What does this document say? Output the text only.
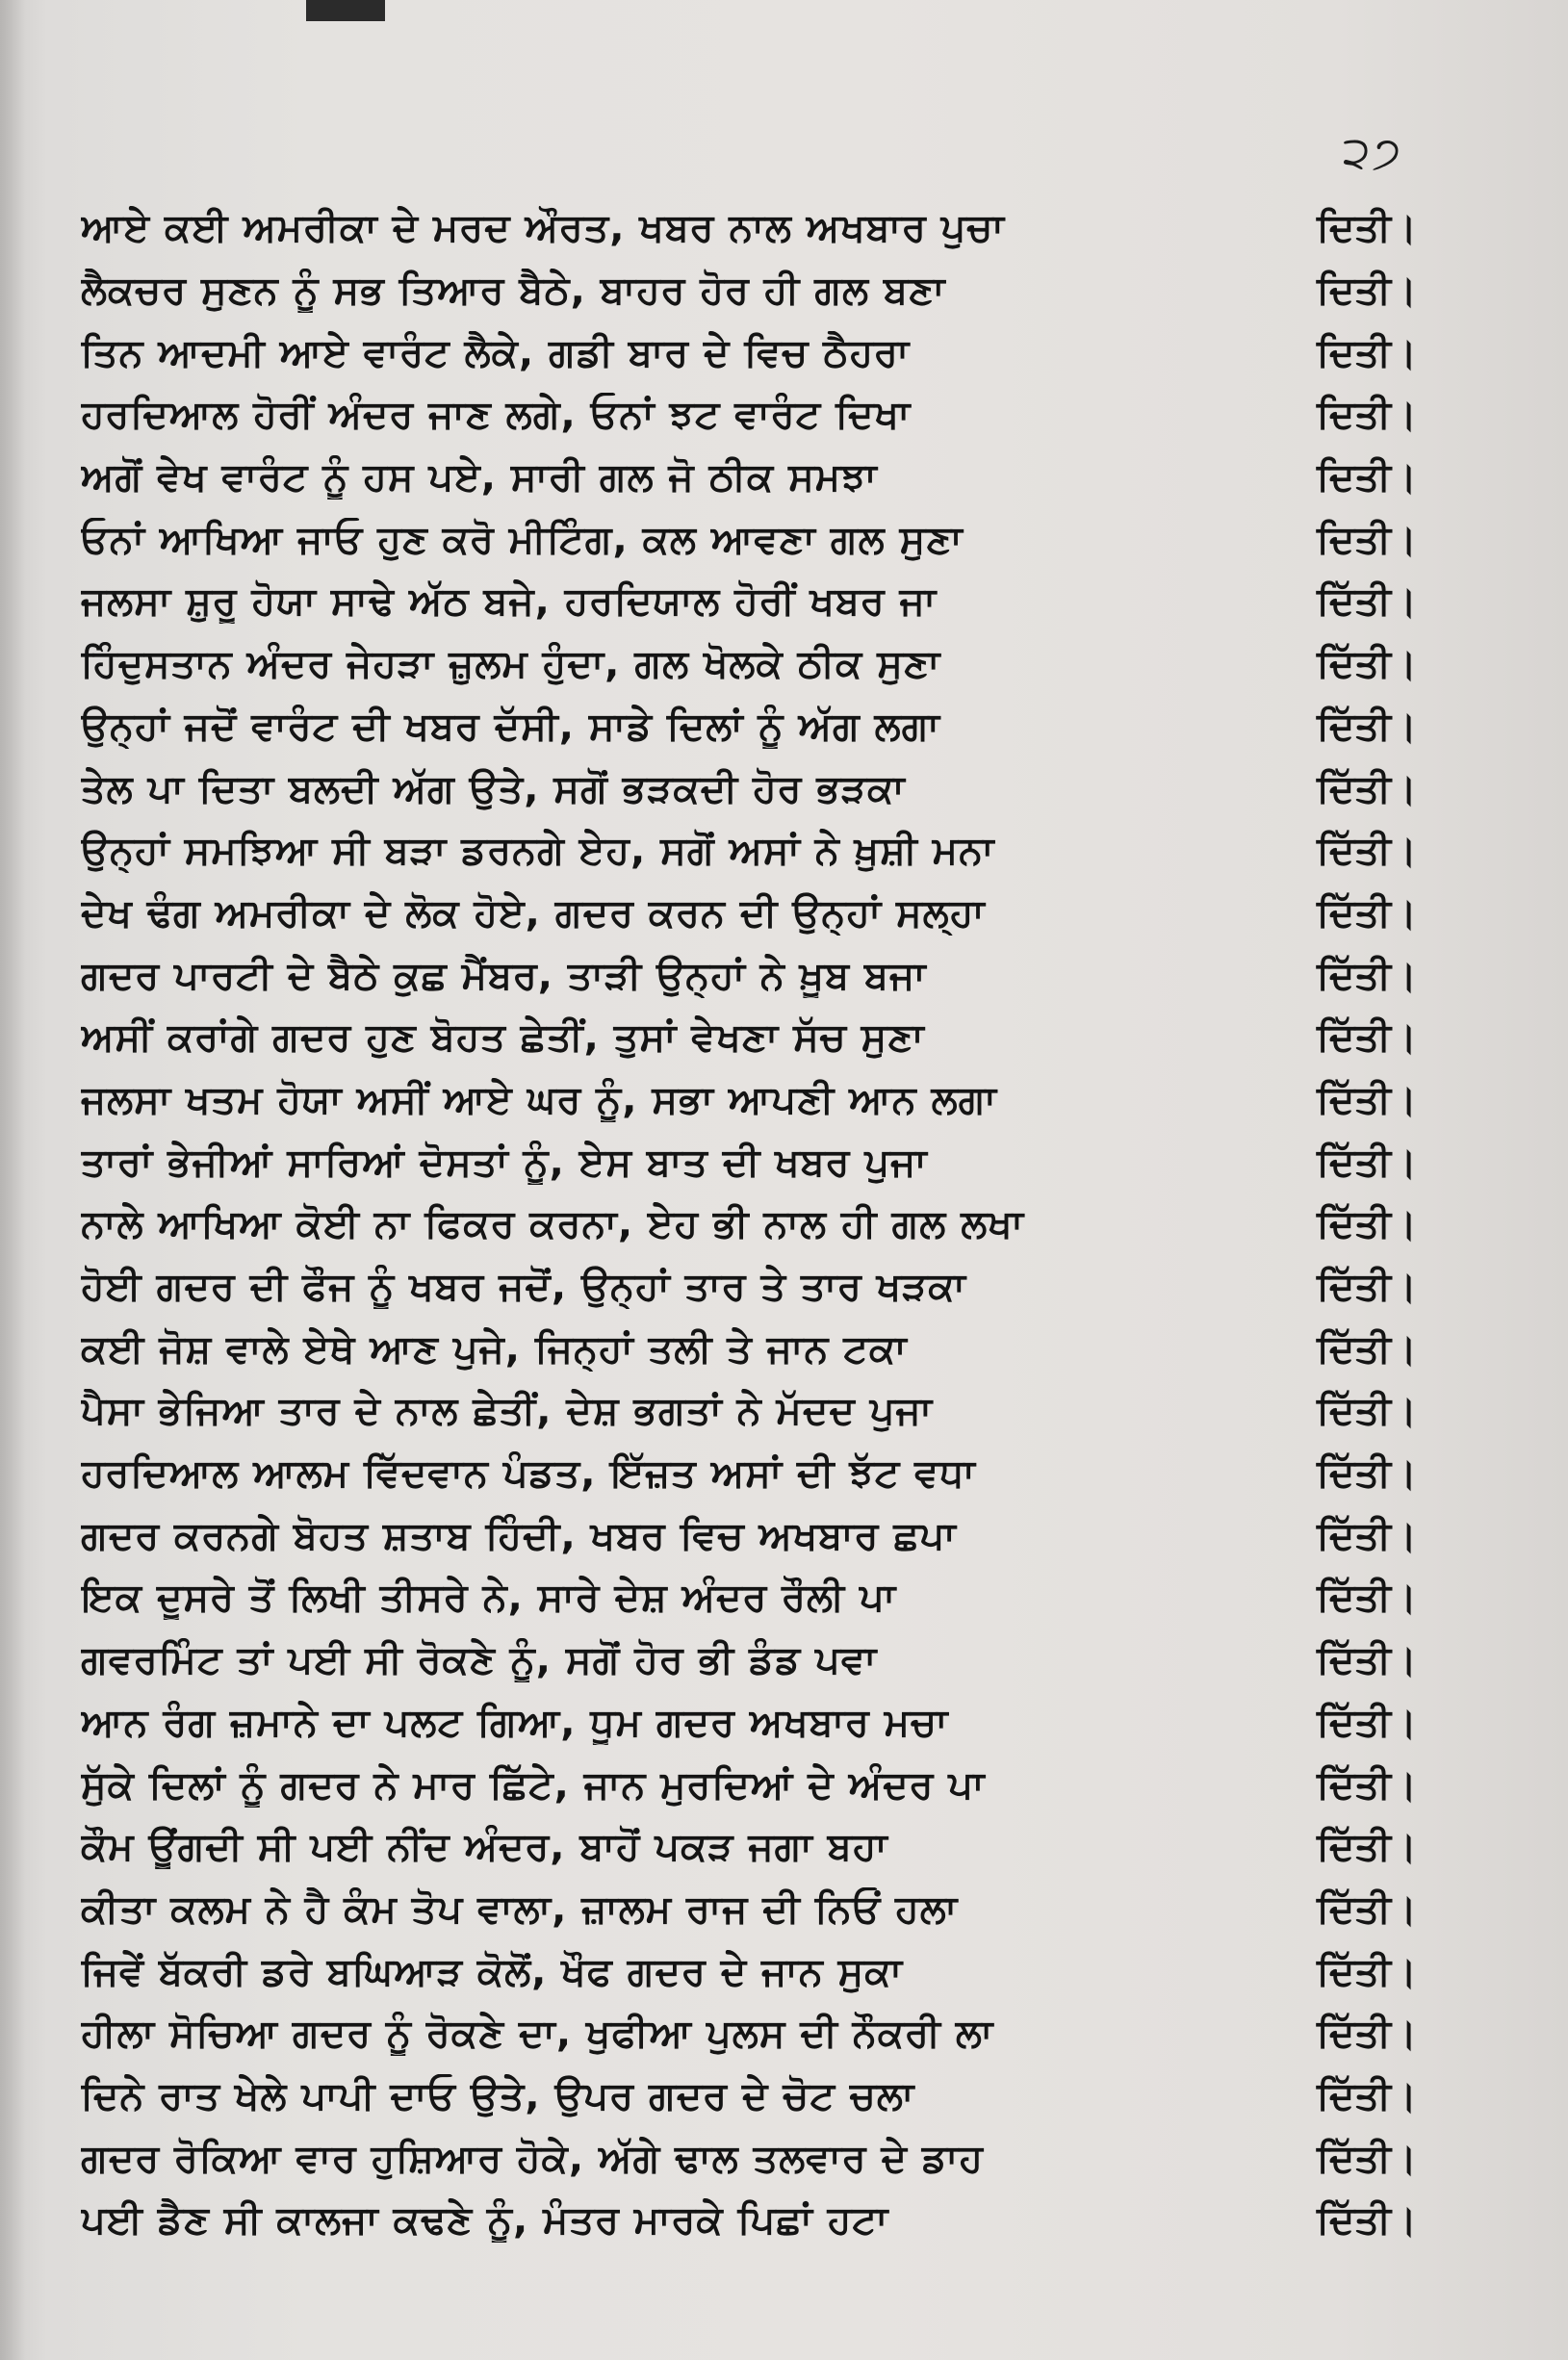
੨੭
ਆਏ ਕਈ ਅਮਰੀਕਾ ਦੇ ਮਰਦ ਔਰਤ, ਖਬਰ ਨਾਲ ਅਖਬਾਰ ਪੁਚਾ	ਦਿਤੀ।
ਲੈਕਚਰ ਸੁਣਨ ਨੂੰ ਸਭ ਤਿਆਰ ਬੈਠੇ, ਬਾਹਰ ਹੋਰ ਹੀ ਗਲ ਬਣਾ	ਦਿਤੀ।
ਤਿਨ ਆਦਮੀ ਆਏ ਵਾਰੰਟ ਲੈਕੇ, ਗਡੀ ਬਾਰ ਦੇ ਵਿਚ ਠੈਹਰਾ	ਦਿਤੀ।
ਹਰਦਿਆਲ ਹੋਰੀਂ ਅੰਦਰ ਜਾਣ ਲਗੇ, ਓਨਾਂ ਝਟ ਵਾਰੰਟ ਦਿਖਾ	ਦਿਤੀ।
ਅਗੋਂ ਵੇਖ ਵਾਰੰਟ ਨੂੰ ਹਸ ਪਏ, ਸਾਰੀ ਗਲ ਜੋ ਠੀਕ ਸਮਝਾ	ਦਿਤੀ।
ਓਨਾਂ ਆਖਿਆ ਜਾਓ ਹੁਣ ਕਰੋ ਮੀਟਿੰਗ, ਕਲ ਆਵਣਾ ਗਲ ਸੁਣਾ	ਦਿਤੀ।
ਜਲਸਾ ਸ਼ੁਰੂ ਹੋਯਾ ਸਾਢੇ ਅੱਠ ਬਜੇ, ਹਰਦਿਯਾਲ ਹੋਰੀਂ ਖਬਰ ਜਾ	ਦਿੱਤੀ।
ਹਿੰਦੁਸਤਾਨ ਅੰਦਰ ਜੇਹੜਾ ਜ਼ੁਲਮ ਹੁੰਦਾ, ਗਲ ਖੋਲਕੇ ਠੀਕ ਸੁਣਾ	ਦਿੱਤੀ।
ਉਨ੍ਹਾਂ ਜਦੋਂ ਵਾਰੰਟ ਦੀ ਖਬਰ ਦੱਸੀ, ਸਾਡੇ ਦਿਲਾਂ ਨੂੰ ਅੱਗ ਲਗਾ	ਦਿੱਤੀ।
ਤੇਲ ਪਾ ਦਿਤਾ ਬਲਦੀ ਅੱਗ ਉਤੇ, ਸਗੋਂ ਭੜਕਦੀ ਹੋਰ ਭੜਕਾ	ਦਿੱਤੀ।
ਉਨ੍ਹਾਂ ਸਮਝਿਆ ਸੀ ਬੜਾ ਡਰਨਗੇ ਏਹ, ਸਗੋਂ ਅਸਾਂ ਨੇ ਖ਼ੁਸ਼ੀ ਮਨਾ	ਦਿੱਤੀ।
ਦੇਖ ਢੰਗ ਅਮਰੀਕਾ ਦੇ ਲੋਕ ਹੋਏ, ਗਦਰ ਕਰਨ ਦੀ ਉਨ੍ਹਾਂ ਸਲ੍ਹਾ	ਦਿੱਤੀ।
ਗਦਰ ਪਾਰਟੀ ਦੇ ਬੈਠੇ ਕੁਛ ਮੈਂਬਰ, ਤਾੜੀ ਉਨ੍ਹਾਂ ਨੇ ਖ਼ੂਬ ਬਜਾ	ਦਿੱਤੀ।
ਅਸੀਂ ਕਰਾਂਗੇ ਗਦਰ ਹੁਣ ਬੋਹਤ ਛੇਤੀਂ, ਤੁਸਾਂ ਵੇਖਣਾ ਸੱਚ ਸੁਣਾ	ਦਿੱਤੀ।
ਜਲਸਾ ਖਤਮ ਹੋਯਾ ਅਸੀਂ ਆਏ ਘਰ ਨੂੰ, ਸਭਾ ਆਪਣੀ ਆਨ ਲਗਾ	ਦਿੱਤੀ।
ਤਾਰਾਂ ਭੇਜੀਆਂ ਸਾਰਿਆਂ ਦੋਸਤਾਂ ਨੂੰ, ਏਸ ਬਾਤ ਦੀ ਖਬਰ ਪੁਜਾ	ਦਿੱਤੀ।
ਨਾਲੇ ਆਖਿਆ ਕੋਈ ਨਾ ਫਿਕਰ ਕਰਨਾ, ਏਹ ਭੀ ਨਾਲ ਹੀ ਗਲ ਲਖਾ	ਦਿੱਤੀ।
ਹੋਈ ਗਦਰ ਦੀ ਫੌਜ ਨੂੰ ਖਬਰ ਜਦੋਂ, ਉਨ੍ਹਾਂ ਤਾਰ ਤੇ ਤਾਰ ਖੜਕਾ	ਦਿੱਤੀ।
ਕਈ ਜੋਸ਼ ਵਾਲੇ ਏਥੇ ਆਣ ਪੁਜੇ, ਜਿਨ੍ਹਾਂ ਤਲੀ ਤੇ ਜਾਨ ਟਕਾ	ਦਿੱਤੀ।
ਪੈਸਾ ਭੇਜਿਆ ਤਾਰ ਦੇ ਨਾਲ ਛੇਤੀਂ, ਦੇਸ਼ ਭਗਤਾਂ ਨੇ ਮੱਦਦ ਪੁਜਾ	ਦਿੱਤੀ।
ਹਰਦਿਆਲ ਆਲਮ ਵਿੱਦਵਾਨ ਪੰਡਤ, ਇੱਜ਼ਤ ਅਸਾਂ ਦੀ ਝੱਟ ਵਧਾ	ਦਿੱਤੀ।
ਗਦਰ ਕਰਨਗੇ ਬੋਹਤ ਸ਼ਤਾਬ ਹਿੰਦੀ, ਖਬਰ ਵਿਚ ਅਖਬਾਰ ਛਪਾ	ਦਿੱਤੀ।
ਇਕ ਦੂਸਰੇ ਤੋਂ ਲਿਖੀ ਤੀਸਰੇ ਨੇ, ਸਾਰੇ ਦੇਸ਼ ਅੰਦਰ ਰੌਲੀ ਪਾ	ਦਿੱਤੀ।
ਗਵਰਮਿੰਟ ਤਾਂ ਪਈ ਸੀ ਰੋਕਣੇ ਨੂੰ, ਸਗੋਂ ਹੋਰ ਭੀ ਡੰਡ ਪਵਾ	ਦਿੱਤੀ।
ਆਨ ਰੰਗ ਜ਼ਮਾਨੇ ਦਾ ਪਲਟ ਗਿਆ, ਧੂਮ ਗਦਰ ਅਖਬਾਰ ਮਚਾ	ਦਿੱਤੀ।
ਸੁੱਕੇ ਦਿਲਾਂ ਨੂੰ ਗਦਰ ਨੇ ਮਾਰ ਛਿੱਟੇ, ਜਾਨ ਮੁਰਦਿਆਂ ਦੇ ਅੰਦਰ ਪਾ	ਦਿੱਤੀ।
ਕੌਮ ਊਂਗਦੀ ਸੀ ਪਈ ਨੀਂਦ ਅੰਦਰ, ਬਾਹੋਂ ਪਕੜ ਜਗਾ ਬਹਾ	ਦਿੱਤੀ।
ਕੀਤਾ ਕਲਮ ਨੇ ਹੈ ਕੰਮ ਤੋਪ ਵਾਲਾ, ਜ਼ਾਲਮ ਰਾਜ ਦੀ ਨਿਓਂ ਹਲਾ	ਦਿੱਤੀ।
ਜਿਵੇਂ ਬੱਕਰੀ ਡਰੇ ਬਘਿਆੜ ਕੋਲੋਂ, ਖੌਫ ਗਦਰ ਦੇ ਜਾਨ ਸੁਕਾ	ਦਿੱਤੀ।
ਹੀਲਾ ਸੋਚਿਆ ਗਦਰ ਨੂੰ ਰੋਕਣੇ ਦਾ, ਖੁਫੀਆ ਪੁਲਸ ਦੀ ਨੌਕਰੀ ਲਾ	ਦਿੱਤੀ।
ਦਿਨੇ ਰਾਤ ਖੇਲੇ ਪਾਪੀ ਦਾਓ ਉਤੇ, ਉਪਰ ਗਦਰ ਦੇ ਚੋਟ ਚਲਾ	ਦਿੱਤੀ।
ਗਦਰ ਰੋਕਿਆ ਵਾਰ ਹੁਸ਼ਿਆਰ ਹੋਕੇ, ਅੱਗੇ ਢਾਲ ਤਲਵਾਰ ਦੇ ਡਾਹ	ਦਿੱਤੀ।
ਪਈ ਡੈਣ ਸੀ ਕਾਲਜਾ ਕਢਣੇ ਨੂੰ, ਮੰਤਰ ਮਾਰਕੇ ਪਿਛਾਂ ਹਟਾ	ਦਿੱਤੀ।
